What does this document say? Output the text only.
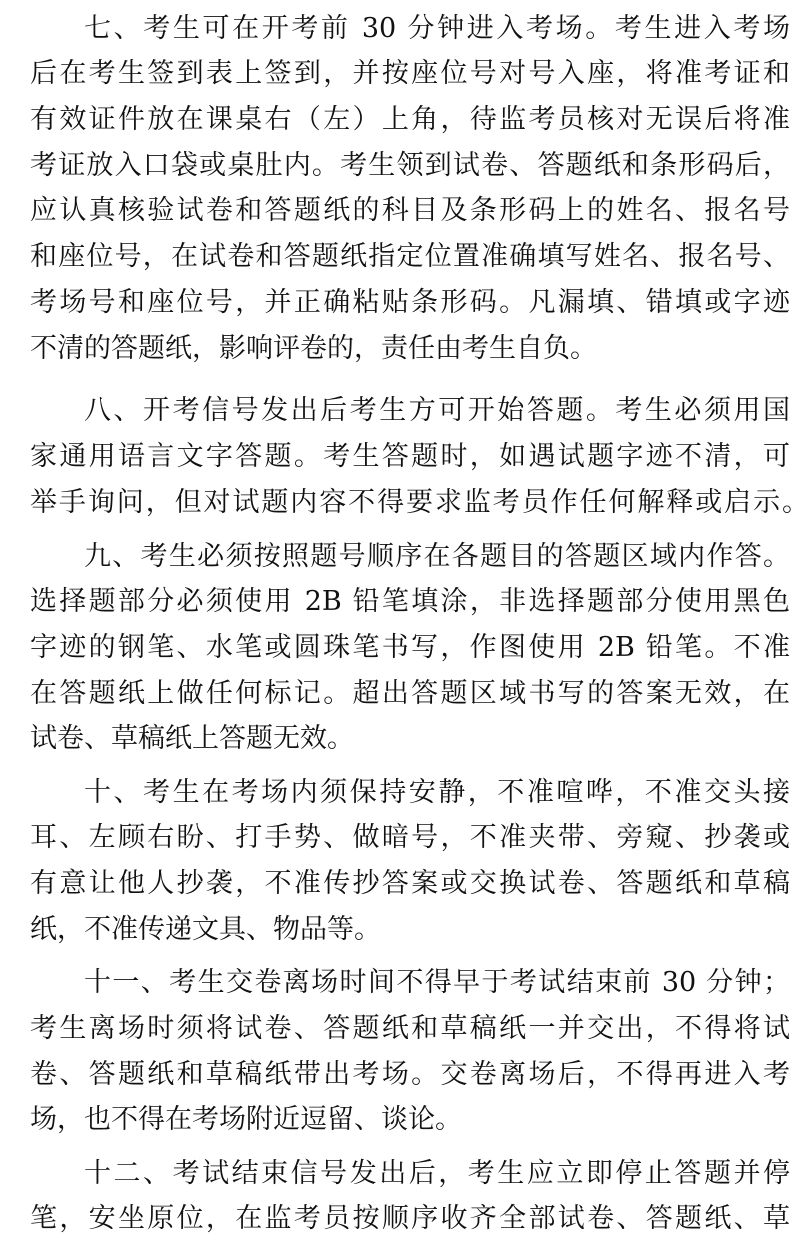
七、考生可在开考前 30 分钟进入考场。考生进入考场
后在考生签到表上签到，并按座位号对号入座，将准考证和
有效证件放在课桌右（左）上角，待监考员核对无误后将准
考证放入口袋或桌肚内。考生领到试卷、答题纸和条形码后，
应认真核验试卷和答题纸的科目及条形码上的姓名、报名号
和座位号，在试卷和答题纸指定位置准确填写姓名、报名号、
考场号和座位号，并正确粘贴条形码。凡漏填、错填或字迹
不清的答题纸，影响评卷的，责任由考生自负。
八、开考信号发出后考生方可开始答题。考生必须用国
家通用语言文字答题。考生答题时，如遇试题字迹不清，可
举手询问，但对试题内容不得要求监考员作任何解释或启示。
九、考生必须按照题号顺序在各题目的答题区域内作答。
选择题部分必须使用 2B 铅笔填涂，非选择题部分使用黑色
字迹的钢笔、水笔或圆珠笔书写，作图使用 2B 铅笔。不准
在答题纸上做任何标记。超出答题区域书写的答案无效，在
试卷、草稿纸上答题无效。
十、考生在考场内须保持安静，不准喧哗，不准交头接
耳、左顾右盼、打手势、做暗号，不准夹带、旁窥、抄袭或
有意让他人抄袭，不准传抄答案或交换试卷、答题纸和草稿
纸，不准传递文具、物品等。
十一、考生交卷离场时间不得早于考试结束前 30 分钟；
考生离场时须将试卷、答题纸和草稿纸一并交出，不得将试
卷、答题纸和草稿纸带出考场。交卷离场后，不得再进入考
场，也不得在考场附近逗留、谈论。
十二、考试结束信号发出后，考生应立即停止答题并停
笔，安坐原位，在监考员按顺序收齐全部试卷、答题纸、草
